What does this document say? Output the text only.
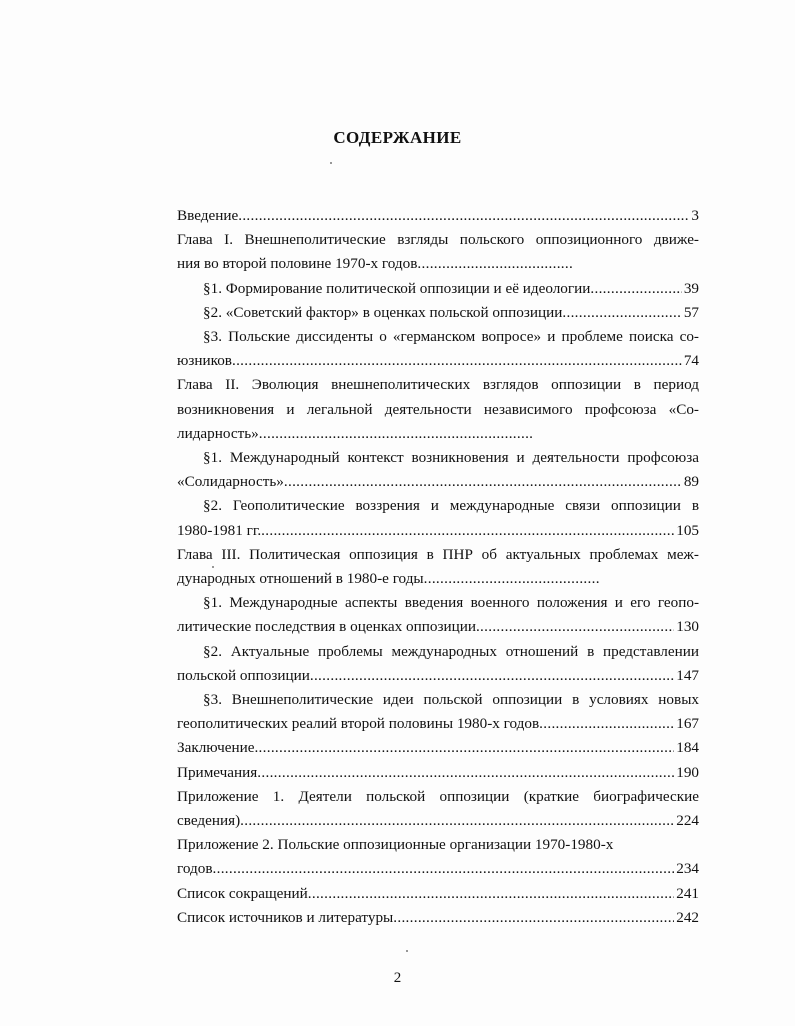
СОДЕРЖАНИЕ
Введение .....	3
Глава I. Внешнеполитические взгляды польского оппозиционного движе-
ния во второй половине 1970-х годов ......................................
§1. Формирование политической оппозиции и её идеологии .....	39
§2. «Советский фактор» в оценках польской оппозиции .....	57
§3. Польские диссиденты о «германском вопросе» и проблеме поиска со-
юзников .....	74
Глава II. Эволюция внешнеполитических взглядов оппозиции в период
возникновения и легальной деятельности независимого профсоюза «Со-
лидарность» ...................................................................
§1. Международный контекст возникновения и деятельности профсоюза
«Солидарность» .....	89
§2. Геополитические воззрения и международные связи оппозиции в
1980-1981 гг. .....	105
Глава III. Политическая оппозиция в ПНР об актуальных проблемах меж-
дународных отношений в 1980-е годы ...........................................
§1. Международные аспекты введения военного положения и его геопо-
литические последствия в оценках оппозиции .....	130
§2. Актуальные проблемы международных отношений в представлении
польской оппозиции .....	147
§3. Внешнеполитические идеи польской оппозиции в условиях новых
геополитических реалий второй половины 1980-х годов .....	167
Заключение .....	184
Примечания .....	190
Приложение 1. Деятели польской оппозиции (краткие биографические
сведения) .....	224
Приложение 2. Польские оппозиционные организации 1970-1980-х
годов .....	234
Список сокращений .....	241
Список источников и литературы .....	242
2
